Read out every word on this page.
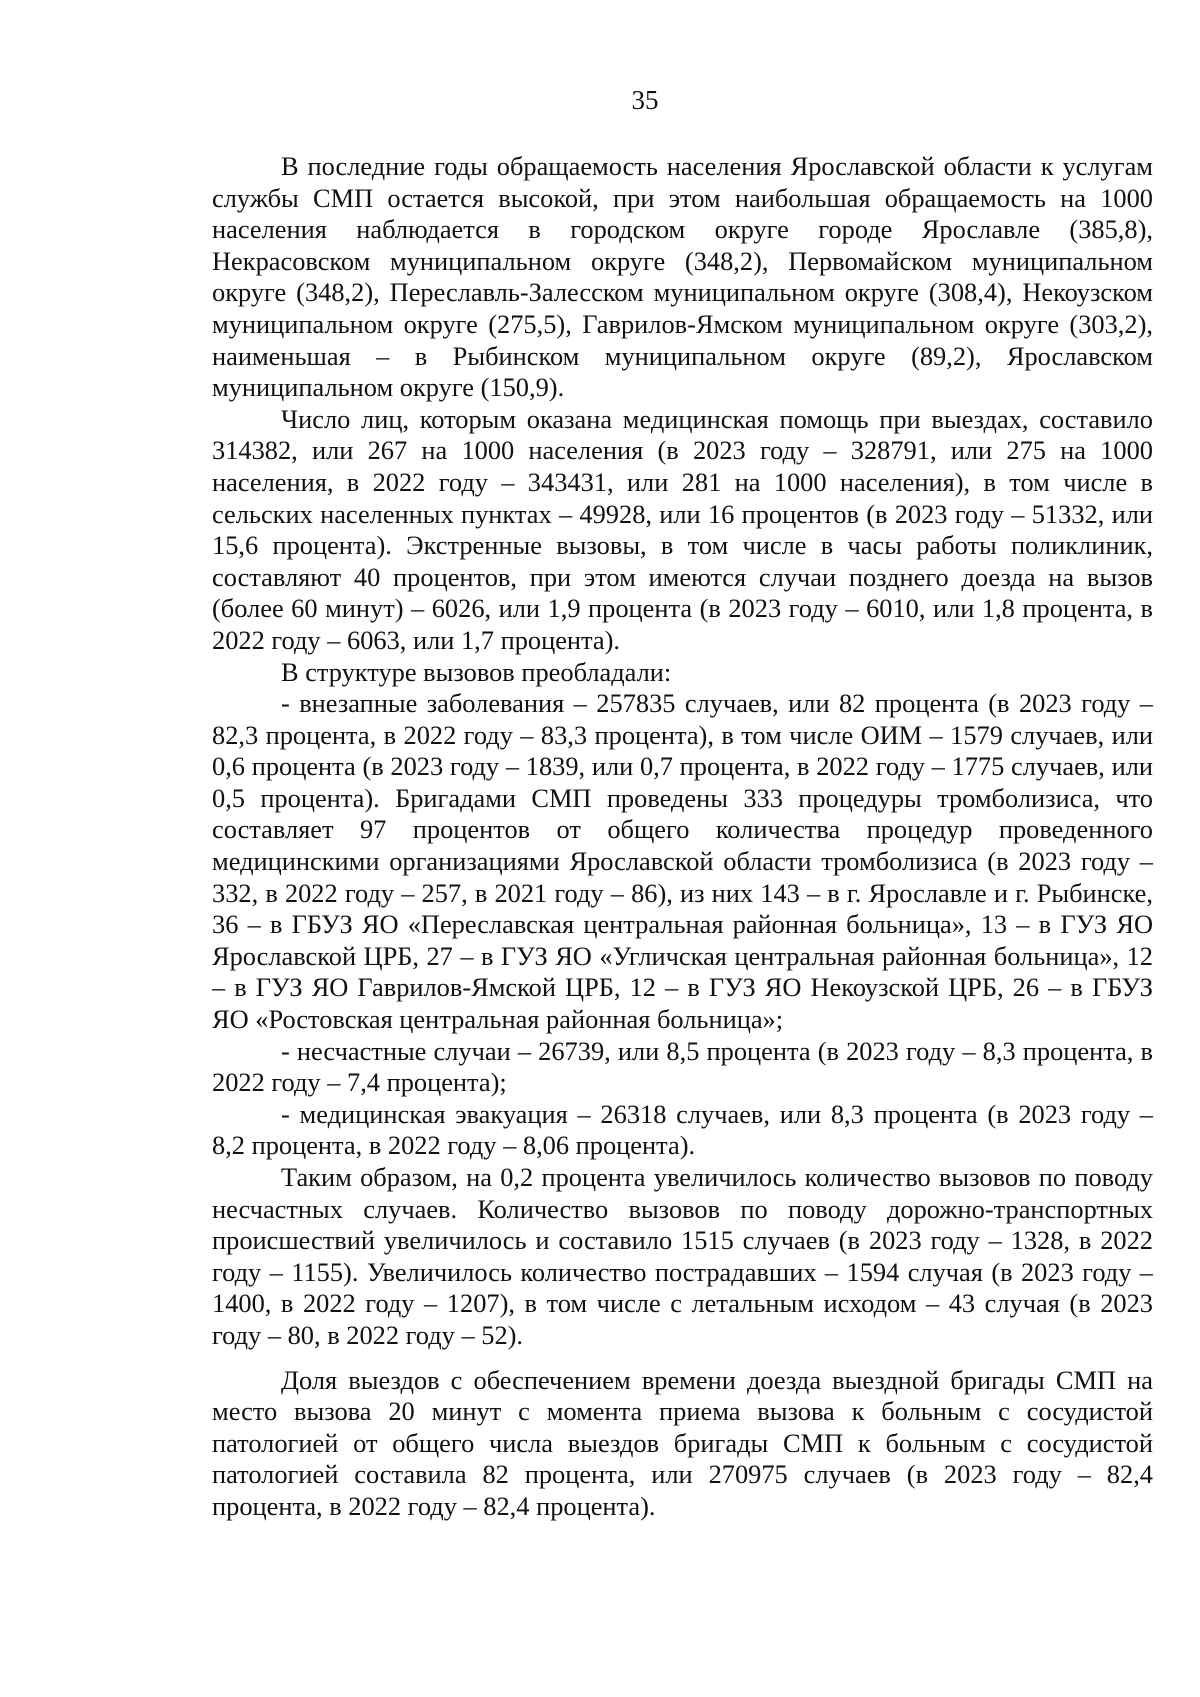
35

В последние годы обращаемость населения Ярославской области к услугам службы СМП остается высокой, при этом наибольшая обращаемость на 1000 населения наблюдается в городском округе городе Ярославле (385,8), Некрасовском муниципальном округе (348,2), Первомайском муниципальном округе (348,2), Переславль-Залесском муниципальном округе (308,4), Некоузском муниципальном округе (275,5), Гаврилов-Ямском муниципальном округе (303,2), наименьшая – в Рыбинском муниципальном округе (89,2), Ярославском муниципальном округе (150,9).

Число лиц, которым оказана медицинская помощь при выездах, составило 314382, или 267 на 1000 населения (в 2023 году – 328791, или 275 на 1000 населения, в 2022 году – 343431, или 281 на 1000 населения), в том числе в сельских населенных пунктах – 49928, или 16 процентов (в 2023 году – 51332, или 15,6 процента). Экстренные вызовы, в том числе в часы работы поликлиник, составляют 40 процентов, при этом имеются случаи позднего доезда на вызов (более 60 минут) – 6026, или 1,9 процента (в 2023 году – 6010, или 1,8 процента, в 2022 году – 6063, или 1,7 процента).

В структуре вызовов преобладали:

- внезапные заболевания – 257835 случаев, или 82 процента (в 2023 году – 82,3 процента, в 2022 году – 83,3 процента), в том числе ОИМ – 1579 случаев, или 0,6 процента (в 2023 году – 1839, или 0,7 процента, в 2022 году – 1775 случаев, или 0,5 процента). Бригадами СМП проведены 333 процедуры тромболизиса, что составляет 97 процентов от общего количества процедур проведенного медицинскими организациями Ярославской области тромболизиса (в 2023 году – 332, в 2022 году – 257, в 2021 году – 86), из них 143 – в г. Ярославле и г. Рыбинске, 36 – в ГБУЗ ЯО «Переславская центральная районная больница», 13 – в ГУЗ ЯО Ярославской ЦРБ, 27 – в ГУЗ ЯО «Угличская центральная районная больница», 12 – в ГУЗ ЯО Гаврилов-Ямской ЦРБ, 12 – в ГУЗ ЯО Некоузской ЦРБ, 26 – в ГБУЗ ЯО «Ростовская центральная районная больница»;

- несчастные случаи – 26739, или 8,5 процента (в 2023 году – 8,3 процента, в 2022 году – 7,4 процента);

- медицинская эвакуация – 26318 случаев, или 8,3 процента (в 2023 году – 8,2 процента, в 2022 году – 8,06 процента).

Таким образом, на 0,2 процента увеличилось количество вызовов по поводу несчастных случаев. Количество вызовов по поводу дорожно-транспортных происшествий увеличилось и составило 1515 случаев (в 2023 году – 1328, в 2022 году – 1155). Увеличилось количество пострадавших – 1594 случая (в 2023 году – 1400, в 2022 году – 1207), в том числе с летальным исходом – 43 случая (в 2023 году – 80, в 2022 году – 52).

Доля выездов с обеспечением времени доезда выездной бригады СМП на место вызова 20 минут с момента приема вызова к больным с сосудистой патологией от общего числа выездов бригады СМП к больным с сосудистой патологией составила 82 процента, или 270975 случаев (в 2023 году – 82,4 процента, в 2022 году – 82,4 процента).
